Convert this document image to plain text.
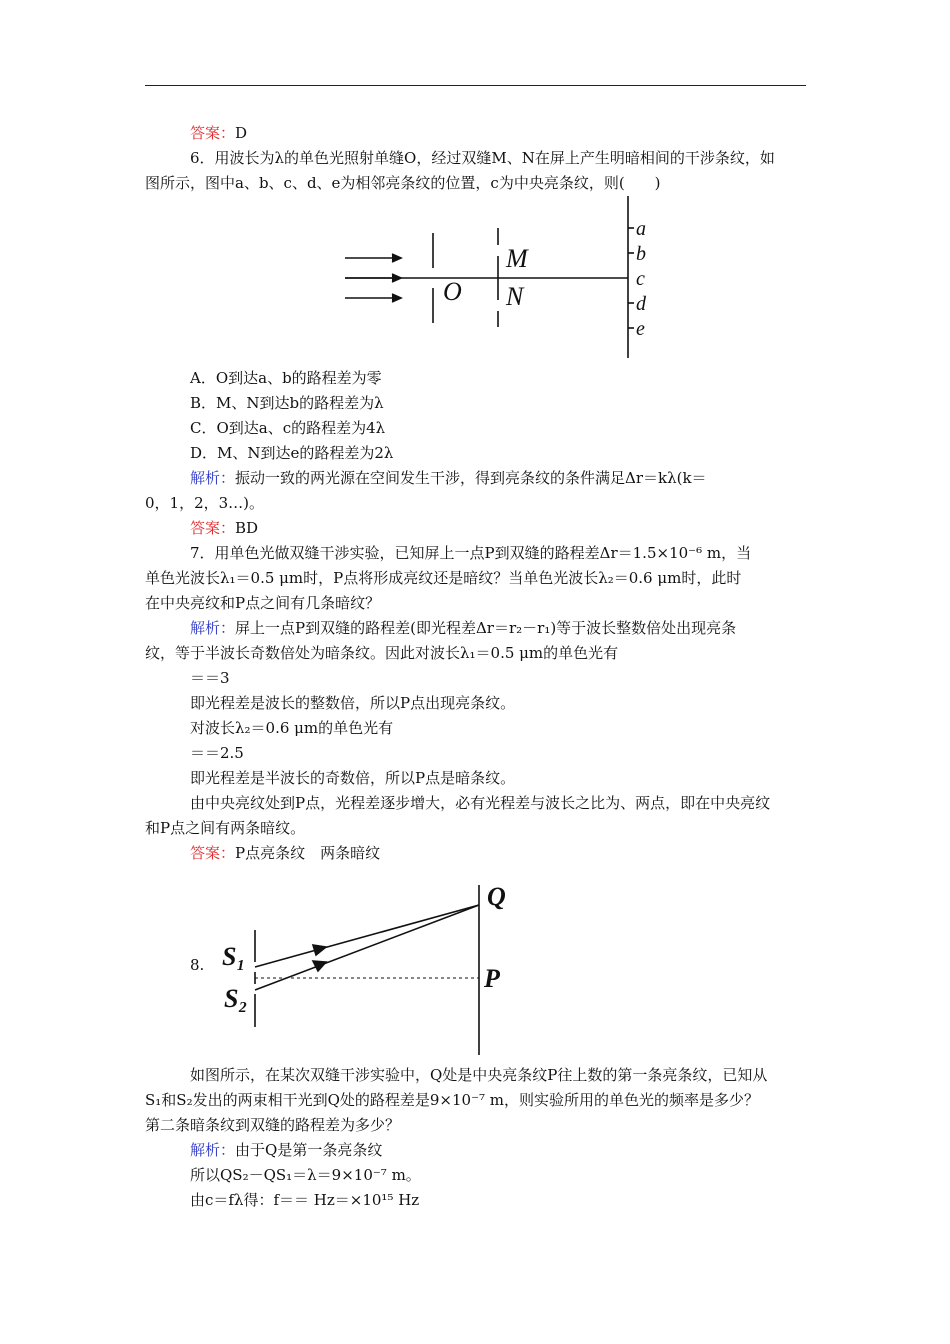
答案：D
6．用波长为λ的单色光照射单缝O，经过双缝M、N在屏上产生明暗相间的干涉条纹，如
图所示，图中a、b、c、d、e为相邻亮条纹的位置，c为中央亮条纹，则(　　)
O
M
N
a
b
c
d
e
S₁
S₂
Q
P
A．O到达a、b的路程差为零
B．M、N到达b的路程差为λ
C．O到达a、c的路程差为4λ
D．M、N到达e的路程差为2λ
解析：振动一致的两光源在空间发生干涉，得到亮条纹的条件满足Δr＝kλ(k＝
0，1，2，3…)。
答案：BD
7．用单色光做双缝干涉实验，已知屏上一点P到双缝的路程差Δr＝1.5×10⁻⁶ m，当
单色光波长λ₁＝0.5 μm时，P点将形成亮纹还是暗纹？当单色光波长λ₂＝0.6 μm时，此时
在中央亮纹和P点之间有几条暗纹？
解析：屏上一点P到双缝的路程差(即光程差Δr＝r₂－r₁)等于波长整数倍处出现亮条
纹，等于半波长奇数倍处为暗条纹。因此对波长λ₁＝0.5 μm的单色光有
＝＝3
即光程差是波长的整数倍，所以P点出现亮条纹。
对波长λ₂＝0.6 μm的单色光有
＝＝2.5
即光程差是半波长的奇数倍，所以P点是暗条纹。
由中央亮纹处到P点，光程差逐步增大，必有光程差与波长之比为、两点，即在中央亮纹
和P点之间有两条暗纹。
答案：P点亮条纹　两条暗纹
8.
如图所示，在某次双缝干涉实验中，Q处是中央亮条纹P往上数的第一条亮条纹，已知从
S₁和S₂发出的两束相干光到Q处的路程差是9×10⁻⁷ m，则实验所用的单色光的频率是多少？
第二条暗条纹到双缝的路程差为多少？
解析：由于Q是第一条亮条纹
所以QS₂－QS₁＝λ＝9×10⁻⁷ m。
由c＝fλ得：f＝＝ Hz＝×10¹⁵ Hz
